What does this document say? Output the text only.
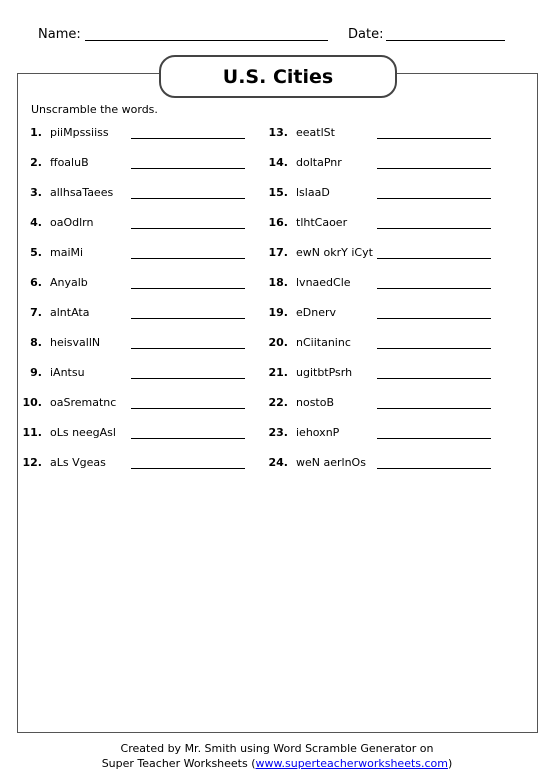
Name:	Date:
U.S. Cities
Unscramble the words.
1. piiMpssiiss
2. ffoaluB
3. allhsaTaees
4. oaOdlrn
5. maiMi
6. Anyalb
7. alntAta
8. heisvallN
9. iAntsu
10. oaSrematnc
11. oLs neegAsl
12. aLs Vgeas
13. eeatlSt
14. doltaPnr
15. lslaaD
16. tlhtCaoer
17. ewN okrY iCyt
18. lvnaedCle
19. eDnerv
20. nCiitaninc
21. ugitbtPsrh
22. nostoB
23. iehoxnP
24. weN aerlnOs
Created by Mr. Smith using Word Scramble Generator on
Super Teacher Worksheets (www.superteacherworksheets.com)
